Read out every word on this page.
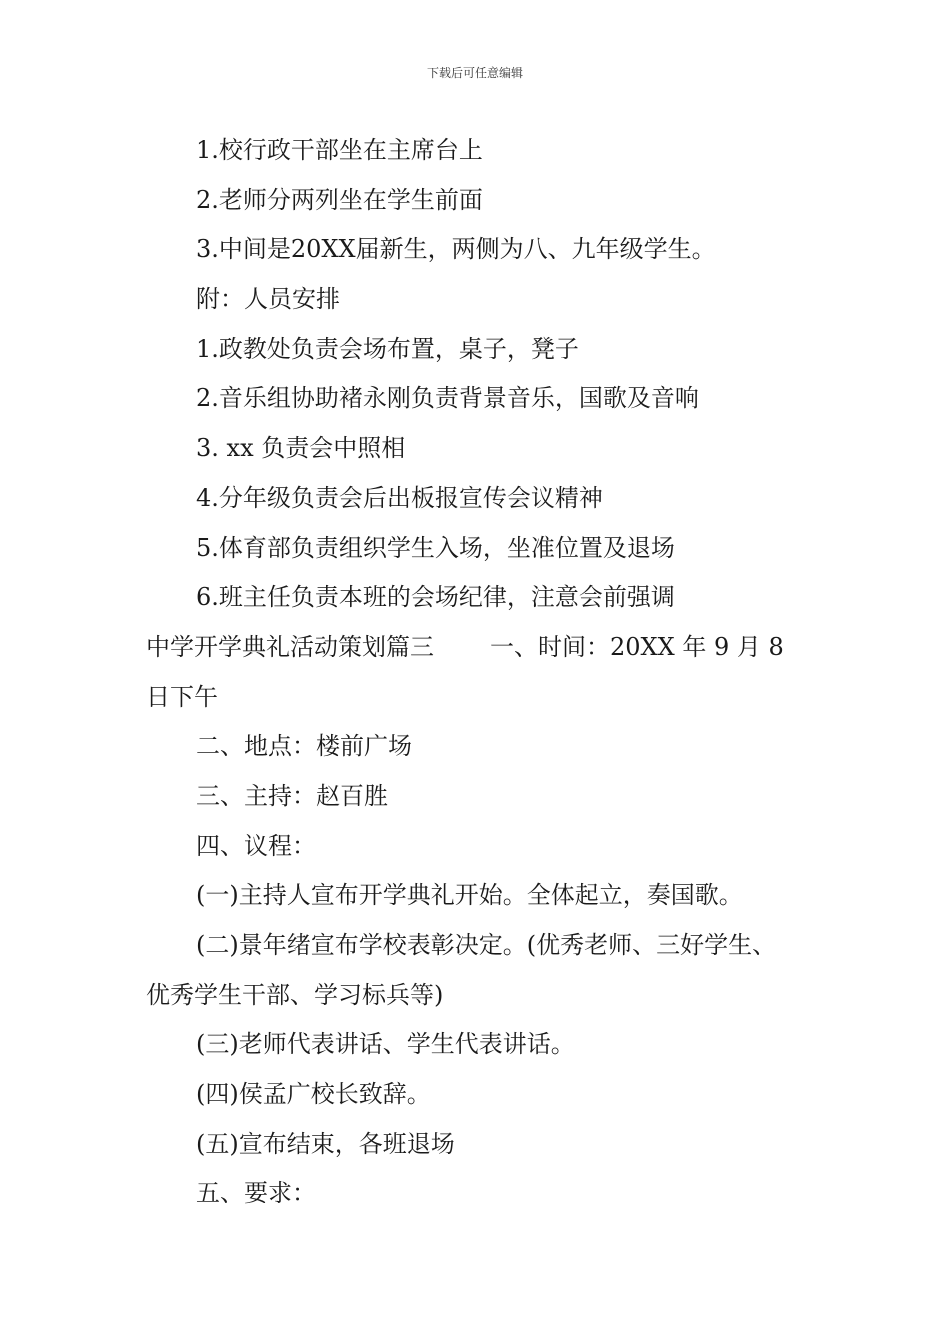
下载后可任意编辑
1.校行政干部坐在主席台上
2.老师分两列坐在学生前面
3.中间是20XX届新生，两侧为八、九年级学生。
附：人员安排
1.政教处负责会场布置，桌子，凳子
2.音乐组协助褚永刚负责背景音乐，国歌及音响
3. xx 负责会中照相
4.分年级负责会后出板报宣传会议精神
5.体育部负责组织学生入场，坐准位置及退场
6.班主任负责本班的会场纪律，注意会前强调
中学开学典礼活动策划篇三 一、时间：20XX 年 9 月 8
日下午
二、地点：楼前广场
三、主持：赵百胜
四、议程：
(一)主持人宣布开学典礼开始。全体起立，奏国歌。
(二)景年绪宣布学校表彰决定。(优秀老师、三好学生、
优秀学生干部、学习标兵等)
(三)老师代表讲话、学生代表讲话。
(四)侯孟广校长致辞。
(五)宣布结束，各班退场
五、要求：
